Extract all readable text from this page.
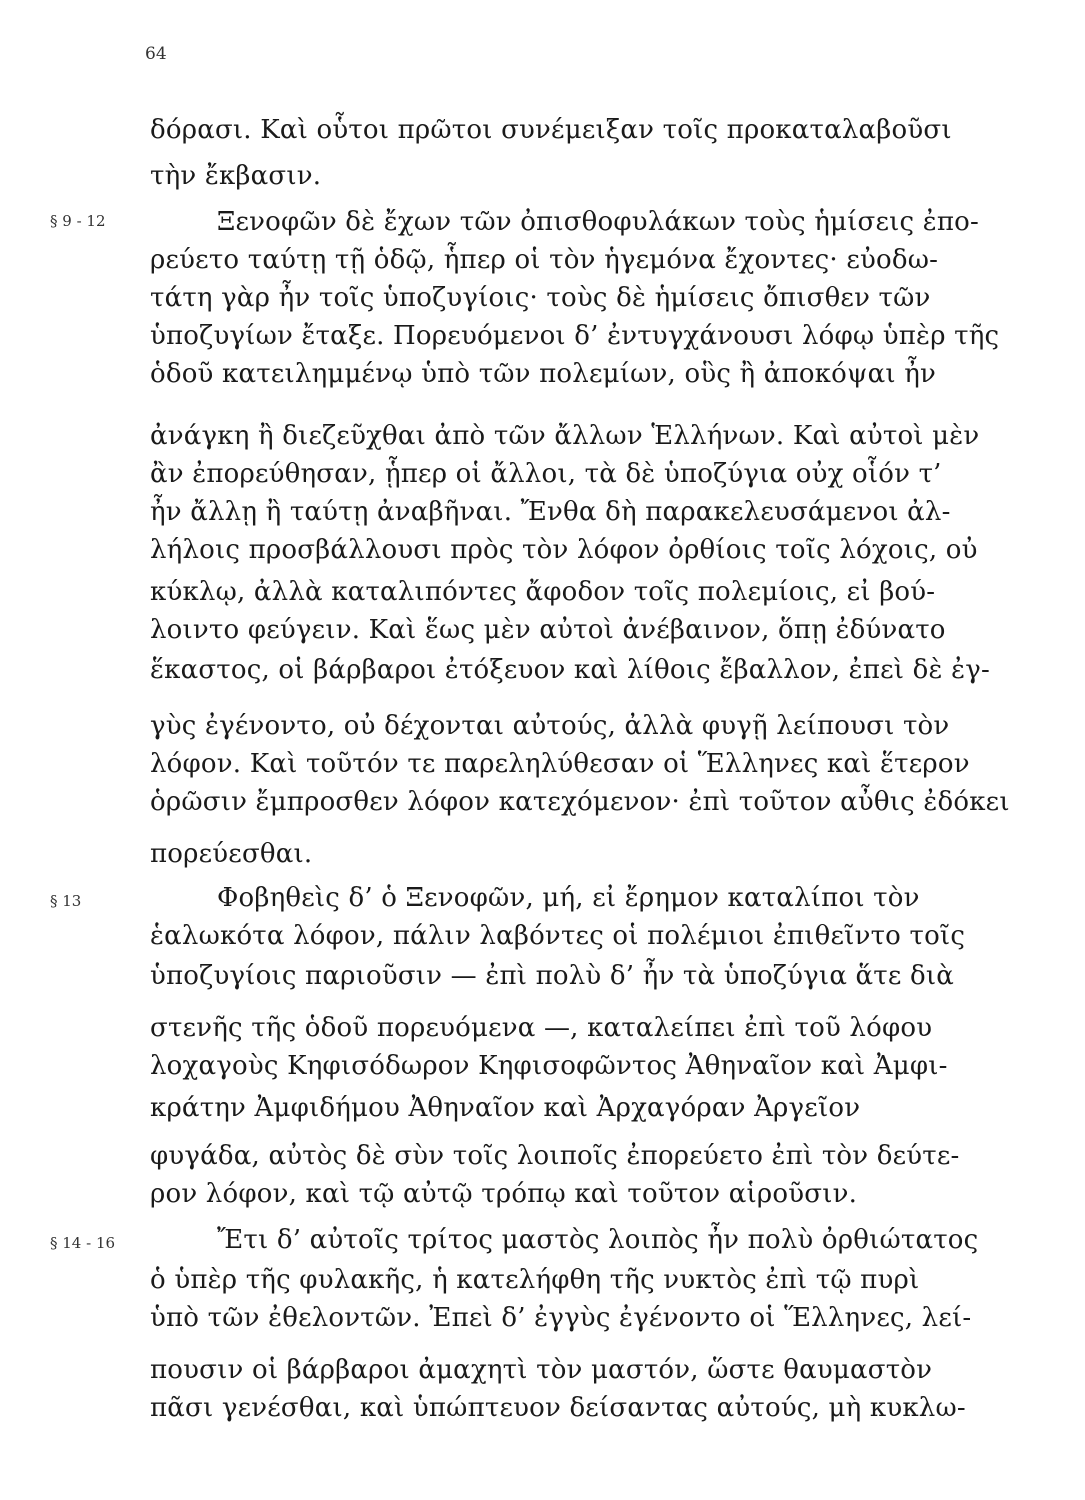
64
§ 9 - 12
§ 13
§ 14 - 16
δόρασι. Καὶ οὗτοι πρῶτοι συνέμειξαν τοῖς προκαταλαβοῦσι
τὴν ἔκβασιν.
Ξενοφῶν δὲ ἔχων τῶν ὀπισθοφυλάκων τοὺς ἡμίσεις ἐπο-
ρεύετο ταύτῃ τῇ ὁδῷ, ἧπερ οἱ τὸν ἡγεμόνα ἔχοντες· εὐοδω-
τάτη γὰρ ἦν τοῖς ὑποζυγίοις· τοὺς δὲ ἡμίσεις ὄπισθεν τῶν
ὑποζυγίων ἔταξε. Πορευόμενοι δ’ ἐντυγχάνουσι λόφῳ ὑπὲρ τῆς
ὁδοῦ κατειλημμένῳ ὑπὸ τῶν πολεμίων, οὓς ἢ ἀποκόψαι ἦν
ἀνάγκη ἢ διεζεῦχθαι ἀπὸ τῶν ἄλλων Ἑλλήνων. Καὶ αὐτοὶ μὲν
ἂν ἐπορεύθησαν, ᾗπερ οἱ ἄλλοι, τὰ δὲ ὑποζύγια οὐχ οἷόν τ’
ἦν ἄλλῃ ἢ ταύτῃ ἀναβῆναι. Ἔνθα δὴ παρακελευσάμενοι ἀλ-
λήλοις προσβάλλουσι πρὸς τὸν λόφον ὀρθίοις τοῖς λόχοις, οὐ
κύκλῳ, ἀλλὰ καταλιπόντες ἄφοδον τοῖς πολεμίοις, εἰ βού-
λοιντο φεύγειν. Καὶ ἕως μὲν αὐτοὶ ἀνέβαινον, ὅπῃ ἐδύνατο
ἕκαστος, οἱ βάρβαροι ἐτόξευον καὶ λίθοις ἔβαλλον, ἐπεὶ δὲ ἐγ-
γὺς ἐγένοντο, οὐ δέχονται αὐτούς, ἀλλὰ φυγῇ λείπουσι τὸν
λόφον. Καὶ τοῦτόν τε παρεληλύθεσαν οἱ Ἕλληνες καὶ ἕτερον
ὁρῶσιν ἔμπροσθεν λόφον κατεχόμενον· ἐπὶ τοῦτον αὖθις ἐδόκει
πορεύεσθαι.
Φοβηθεὶς δ’ ὁ Ξενοφῶν, μή, εἰ ἔρημον καταλίποι τὸν
ἑαλωκότα λόφον, πάλιν λαβόντες οἱ πολέμιοι ἐπιθεῖντο τοῖς
ὑποζυγίοις παριοῦσιν — ἐπὶ πολὺ δ’ ἦν τὰ ὑποζύγια ἅτε διὰ
στενῆς τῆς ὁδοῦ πορευόμενα —, καταλείπει ἐπὶ τοῦ λόφου
λοχαγοὺς Κηφισόδωρον Κηφισοφῶντος Ἀθηναῖον καὶ Ἀμφι-
κράτην Ἀμφιδήμου Ἀθηναῖον καὶ Ἀρχαγόραν Ἀργεῖον
φυγάδα, αὐτὸς δὲ σὺν τοῖς λοιποῖς ἐπορεύετο ἐπὶ τὸν δεύτε-
ρον λόφον, καὶ τῷ αὐτῷ τρόπῳ καὶ τοῦτον αἱροῦσιν.
Ἔτι δ’ αὐτοῖς τρίτος μαστὸς λοιπὸς ἦν πολὺ ὀρθιώτατος
ὁ ὑπὲρ τῆς φυλακῆς, ἡ κατελήφθη τῆς νυκτὸς ἐπὶ τῷ πυρὶ
ὑπὸ τῶν ἐθελοντῶν. Ἐπεὶ δ’ ἐγγὺς ἐγένοντο οἱ Ἕλληνες, λεί-
πουσιν οἱ βάρβαροι ἀμαχητὶ τὸν μαστόν, ὥστε θαυμαστὸν
πᾶσι γενέσθαι, καὶ ὑπώπτευον δείσαντας αὐτούς, μὴ κυκλω-
